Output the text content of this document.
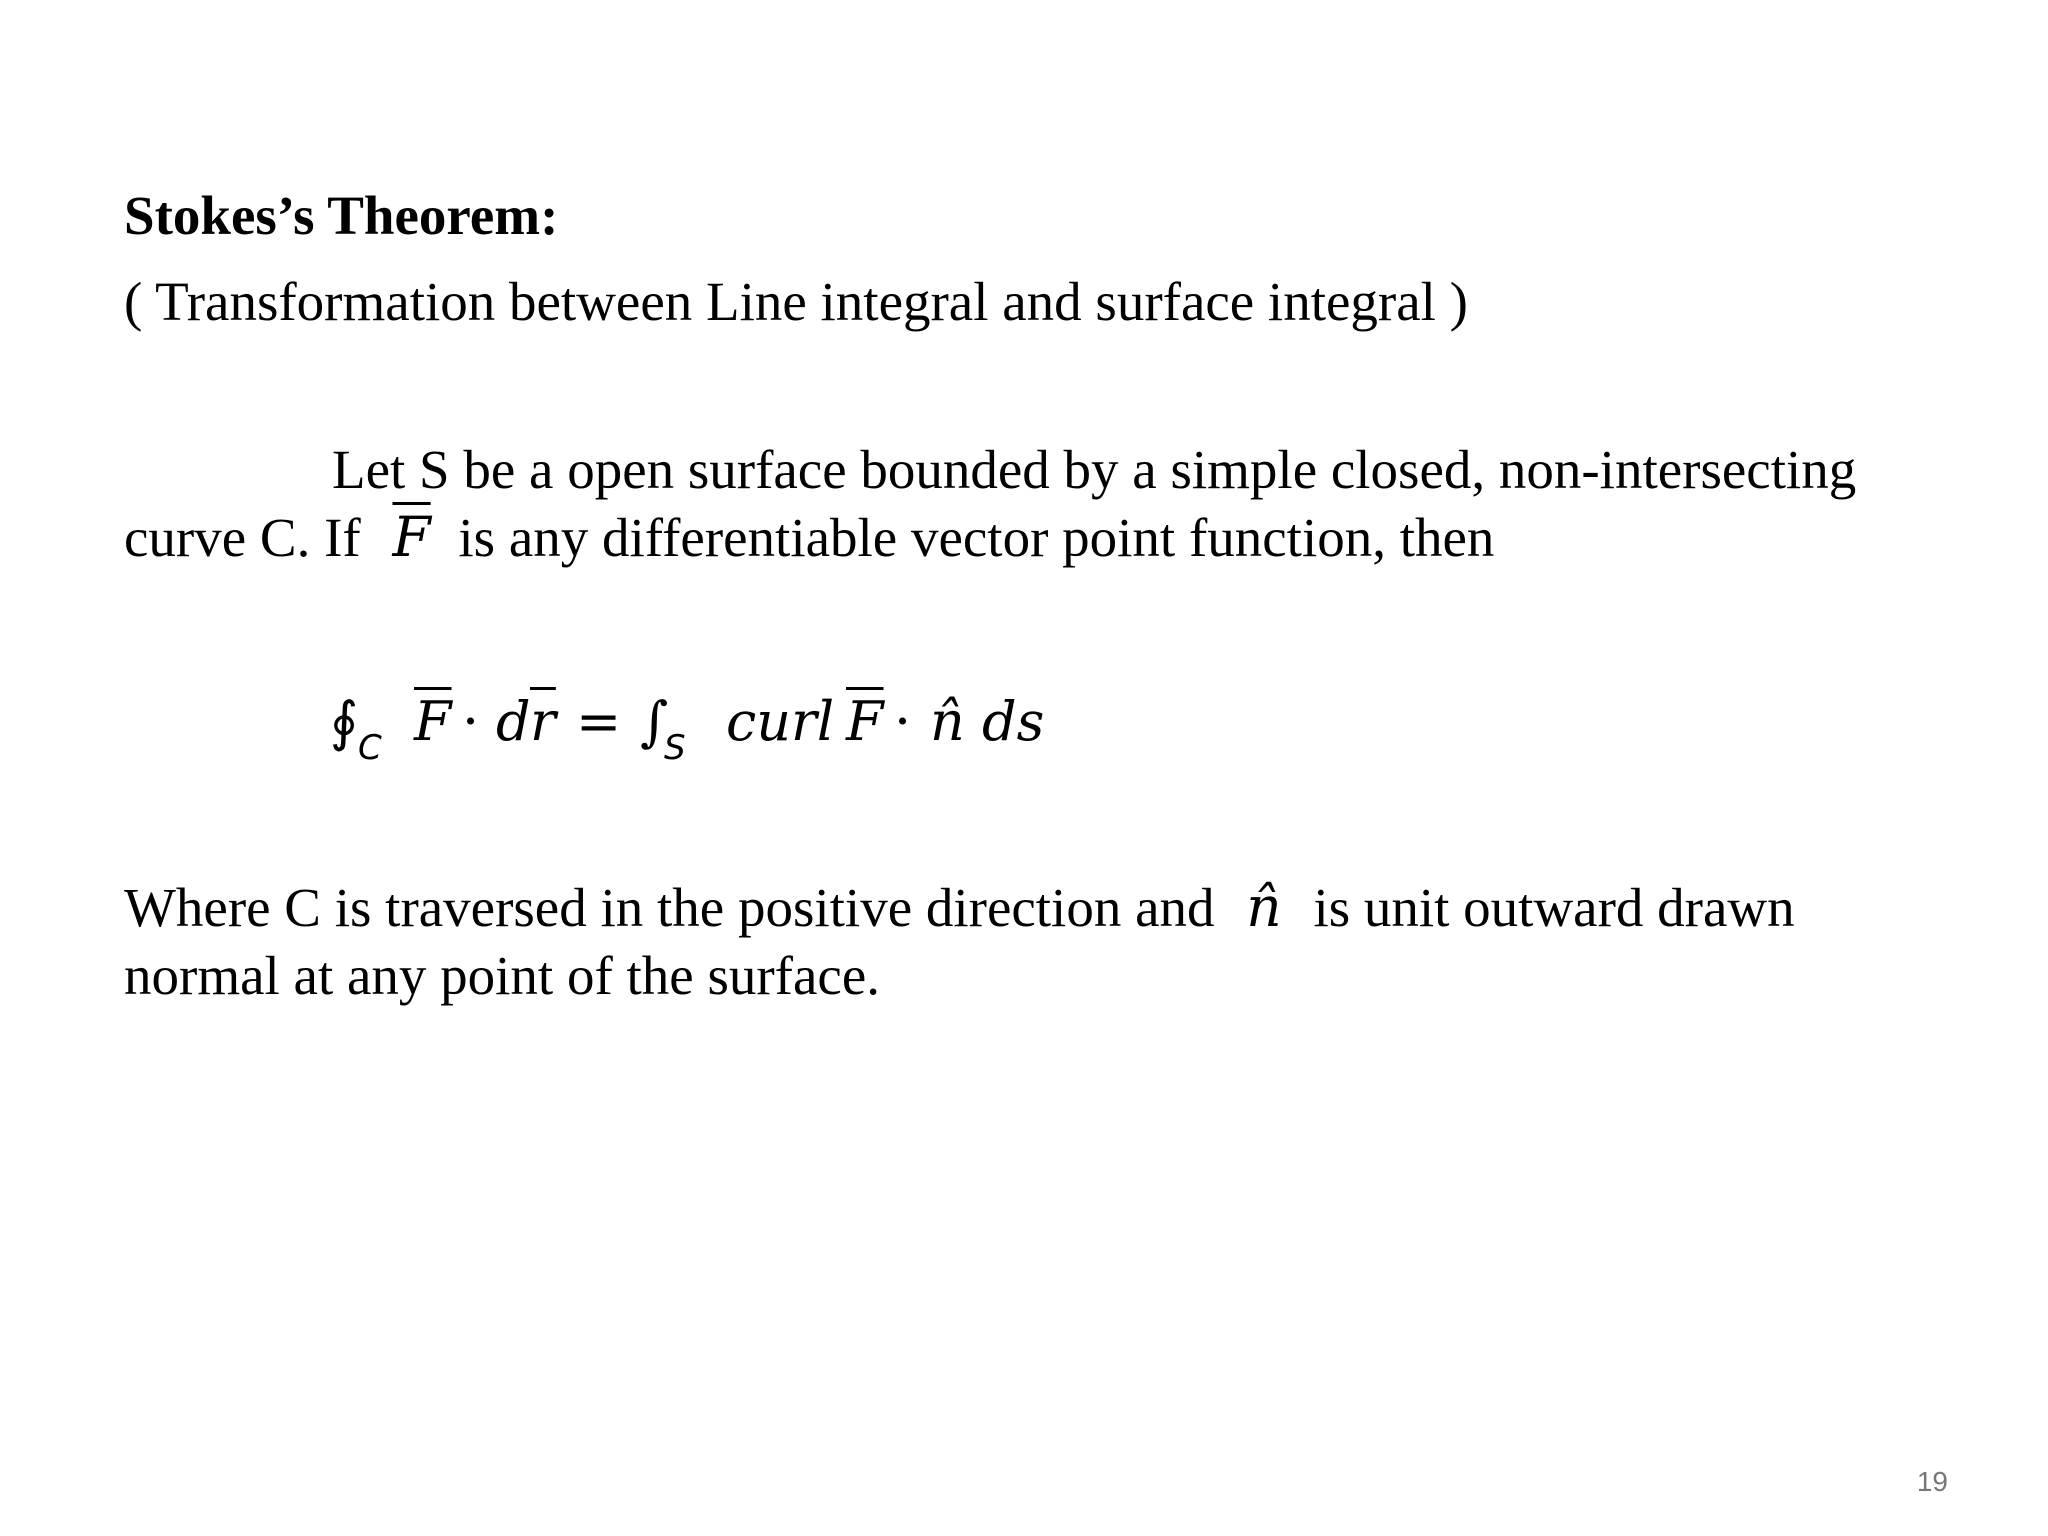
Stokes’s Theorem:
( Transformation between Line integral and surface integral )
Let S be a open surface bounded by a simple closed, non-intersecting
curve C. If $\overline{F}$ is any differentiable vector point function, then
∮ C $\overline{F} \cdot d$ $\overline{r}$ = ∫
S curl $\overline{F}$ · n̂ ds
Where C is traversed in the positive direction and n̂ is unit outward drawn
normal at any point of the surface.
19
